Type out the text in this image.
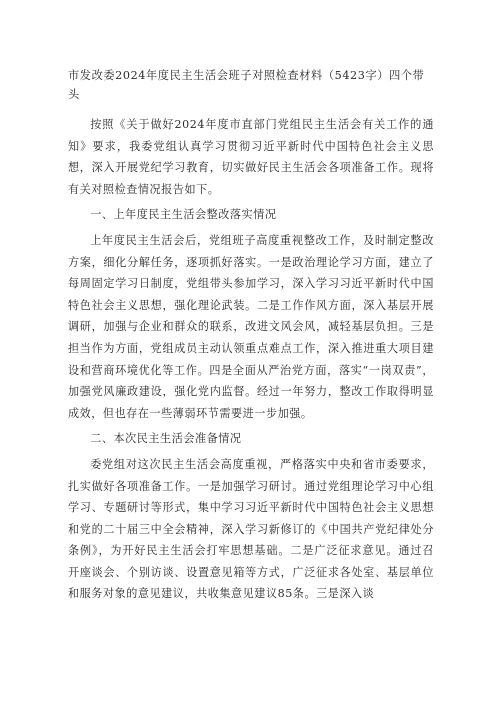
市发改委2024年度民主生活会班子对照检查材料（5423字）四个带头
按照《关于做好2024年度市直部门党组民主生活会有关工作的通知》要求，我委党组认真学习贯彻习近平新时代中国特色社会主义思想，深入开展党纪学习教育，切实做好民主生活会各项准备工作。现将有关对照检查情况报告如下。
一、上年度民主生活会整改落实情况
上年度民主生活会后，党组班子高度重视整改工作，及时制定整改方案，细化分解任务，逐项抓好落实。一是政治理论学习方面，建立了每周固定学习日制度，党组带头参加学习，深入学习习近平新时代中国特色社会主义思想，强化理论武装。二是工作作风方面，深入基层开展调研，加强与企业和群众的联系，改进文风会风，减轻基层负担。三是担当作为方面，党组成员主动认领重点难点工作，深入推进重大项目建设和营商环境优化等工作。四是全面从严治党方面，落实“一岗双责”，加强党风廉政建设，强化党内监督。经过一年努力，整改工作取得明显成效，但也存在一些薄弱环节需要进一步加强。
二、本次民主生活会准备情况
委党组对这次民主生活会高度重视，严格落实中央和省市委要求，扎实做好各项准备工作。一是加强学习研讨。通过党组理论学习中心组学习、专题研讨等形式，集中学习习近平新时代中国特色社会主义思想和党的二十届三中全会精神，深入学习新修订的《中国共产党纪律处分条例》，为开好民主生活会打牢思想基础。二是广泛征求意见。通过召开座谈会、个别访谈、设置意见箱等方式，广泛征求各处室、基层单位和服务对象的意见建议，共收集意见建议85条。三是深入谈
